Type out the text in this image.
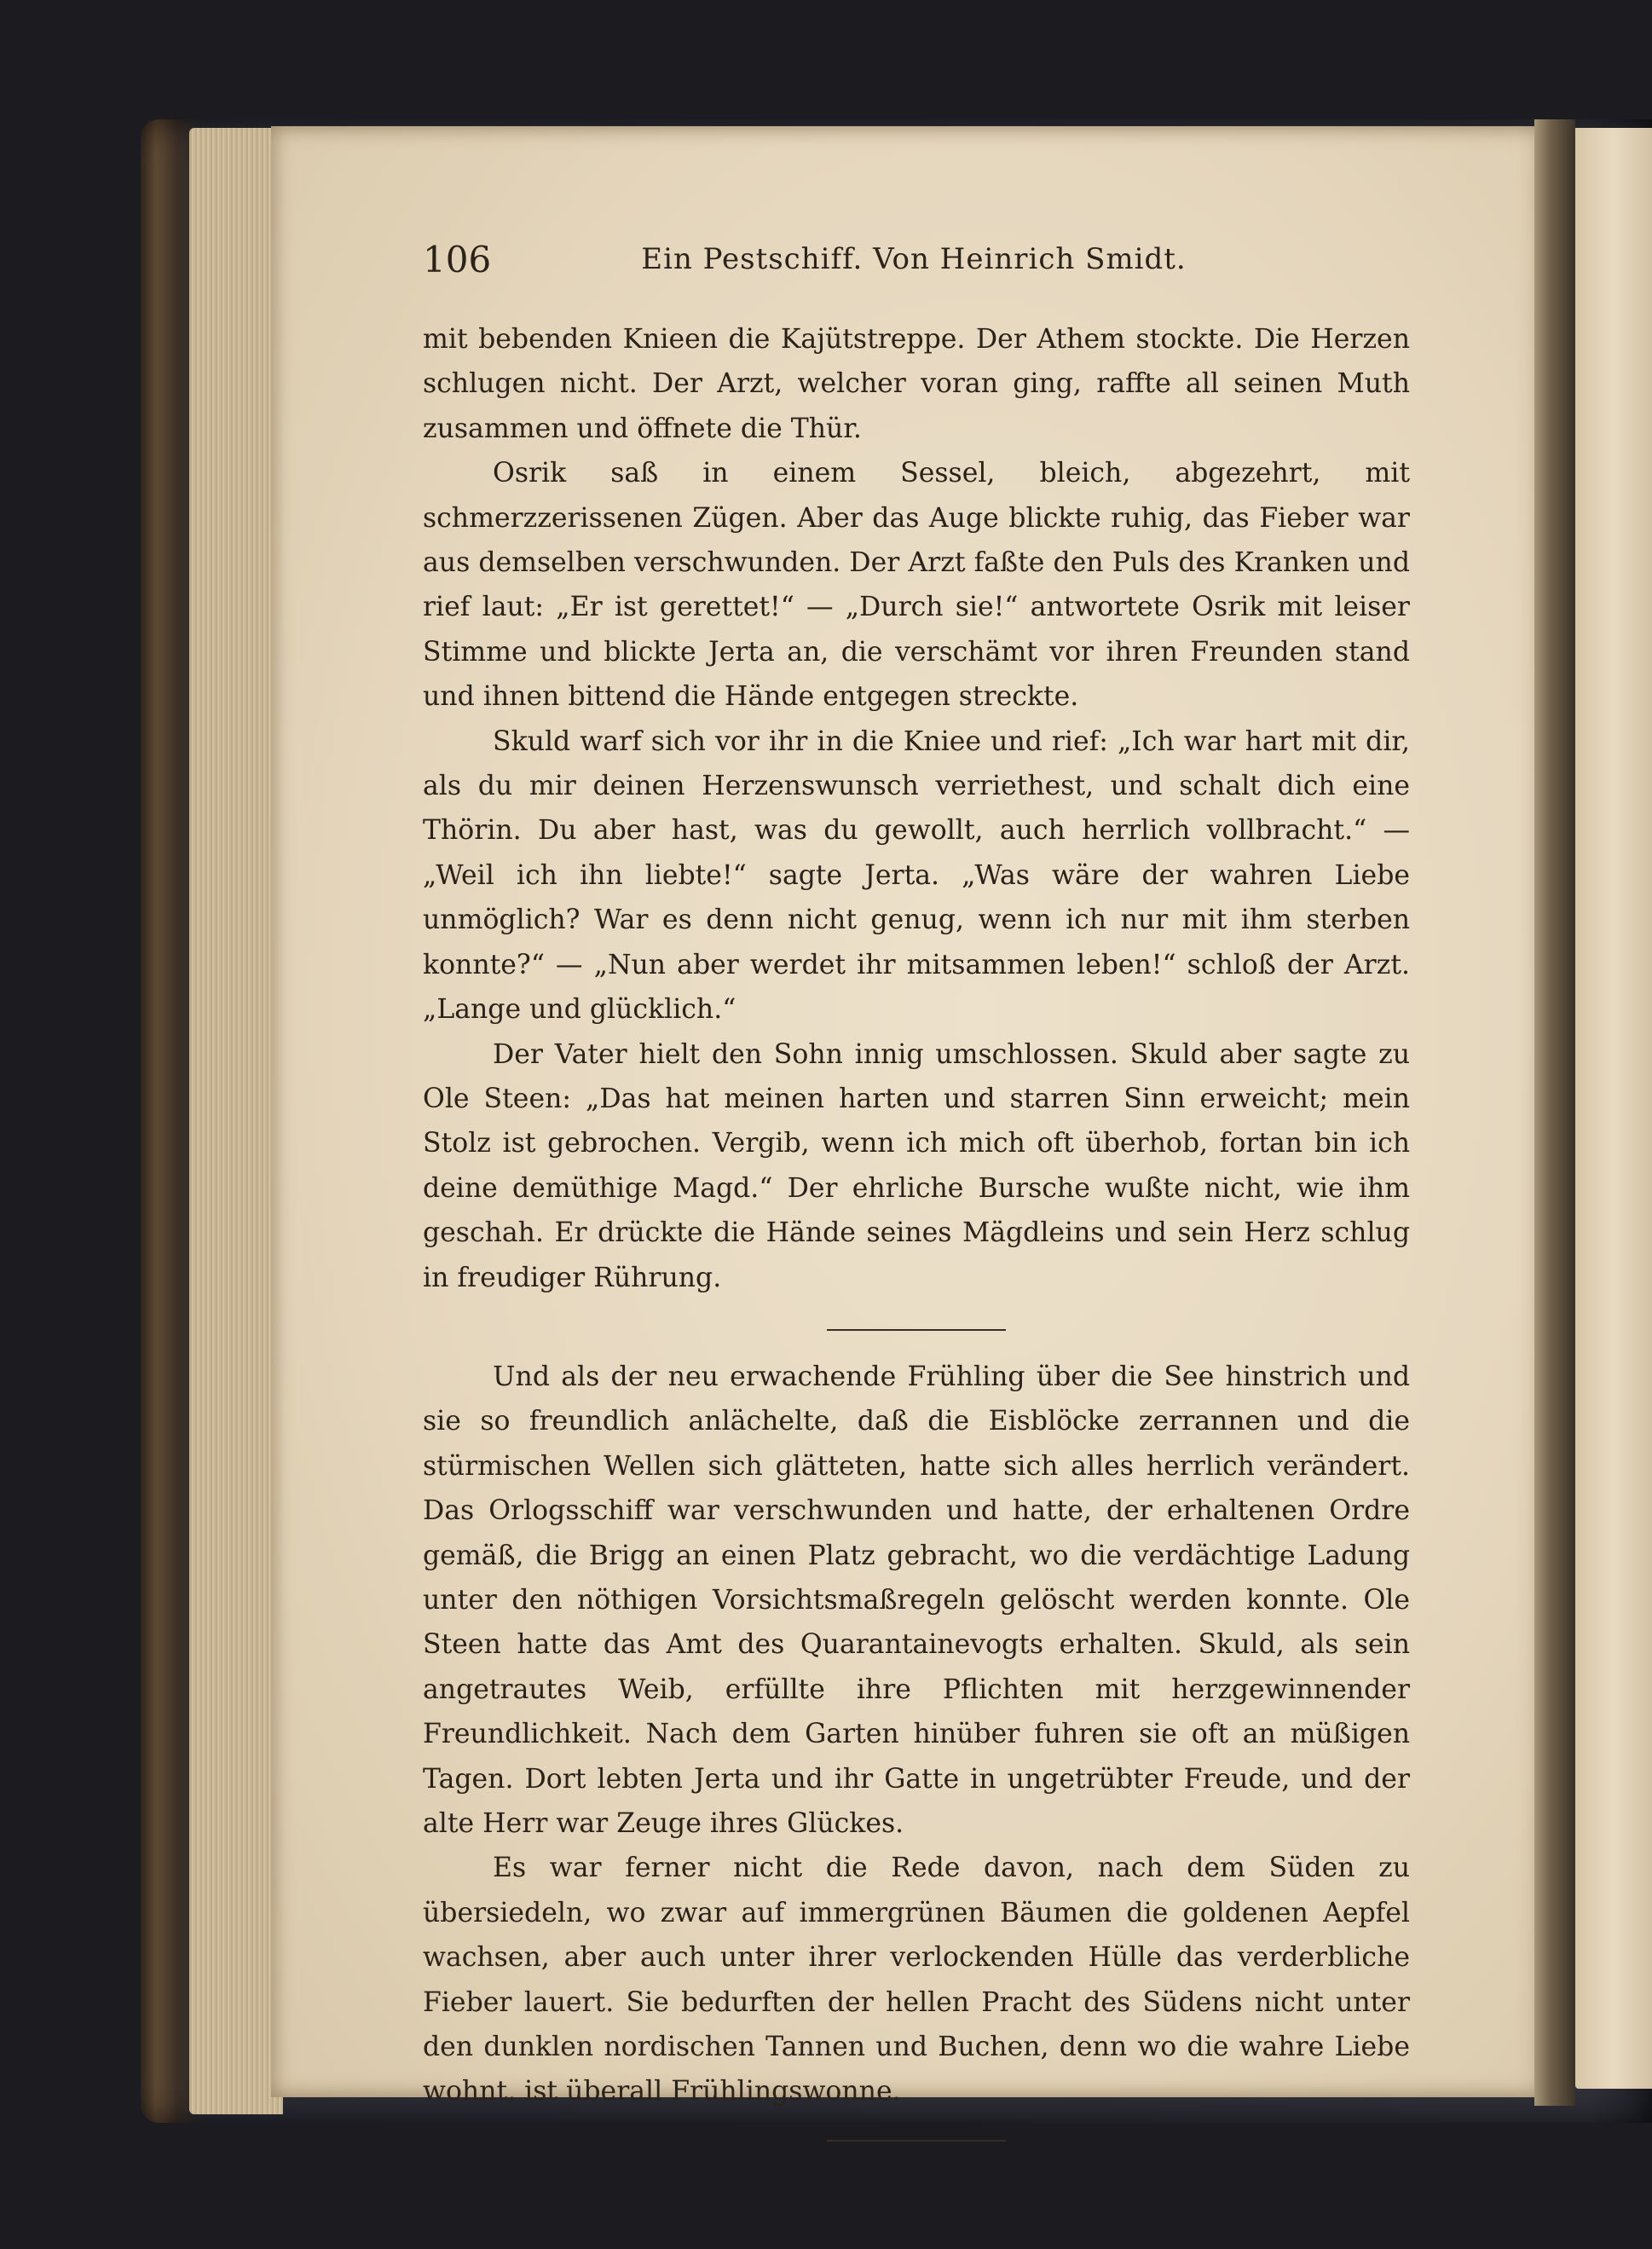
106	Ein Pestschiff. Von Heinrich Smidt.

mit bebenden Knieen die Kajütstreppe. Der Athem stockte. Die Herzen schlugen nicht. Der Arzt, welcher voran ging, raffte all seinen Muth zusammen und öffnete die Thür.

Osrik saß in einem Sessel, bleich, abgezehrt, mit schmerzzerissenen Zügen. Aber das Auge blickte ruhig, das Fieber war aus demselben verschwunden. Der Arzt faßte den Puls des Kranken und rief laut: „Er ist gerettet!“ — „Durch sie!“ antwortete Osrik mit leiser Stimme und blickte Jerta an, die verschämt vor ihren Freunden stand und ihnen bittend die Hände entgegen streckte.

Skuld warf sich vor ihr in die Kniee und rief: „Ich war hart mit dir, als du mir deinen Herzenswunsch verriethest, und schalt dich eine Thörin. Du aber hast, was du gewollt, auch herrlich vollbracht.“ — „Weil ich ihn liebte!“ sagte Jerta. „Was wäre der wahren Liebe unmöglich? War es denn nicht genug, wenn ich nur mit ihm sterben konnte?“ — „Nun aber werdet ihr mitsammen leben!“ schloß der Arzt. „Lange und glücklich.“

Der Vater hielt den Sohn innig umschlossen. Skuld aber sagte zu Ole Steen: „Das hat meinen harten und starren Sinn erweicht; mein Stolz ist gebrochen. Vergib, wenn ich mich oft überhob, fortan bin ich deine demüthige Magd.“ Der ehrliche Bursche wußte nicht, wie ihm geschah. Er drückte die Hände seines Mägdleins und sein Herz schlug in freudiger Rührung.

Und als der neu erwachende Frühling über die See hinstrich und sie so freundlich anlächelte, daß die Eisblöcke zerrannen und die stürmischen Wellen sich glätteten, hatte sich alles herrlich verändert. Das Orlogsschiff war verschwunden und hatte, der erhaltenen Ordre gemäß, die Brigg an einen Platz gebracht, wo die verdächtige Ladung unter den nöthigen Vorsichtsmaßregeln gelöscht werden konnte. Ole Steen hatte das Amt des Quarantainevogts erhalten. Skuld, als sein angetrautes Weib, erfüllte ihre Pflichten mit herzgewinnender Freundlichkeit. Nach dem Garten hinüber fuhren sie oft an müßigen Tagen. Dort lebten Jerta und ihr Gatte in ungetrübter Freude, und der alte Herr war Zeuge ihres Glückes.

Es war ferner nicht die Rede davon, nach dem Süden zu übersiedeln, wo zwar auf immergrünen Bäumen die goldenen Aepfel wachsen, aber auch unter ihrer verlockenden Hülle das verderbliche Fieber lauert. Sie bedurften der hellen Pracht des Südens nicht unter den dunklen nordischen Tannen und Buchen, denn wo die wahre Liebe wohnt, ist überall Frühlingswonne.
